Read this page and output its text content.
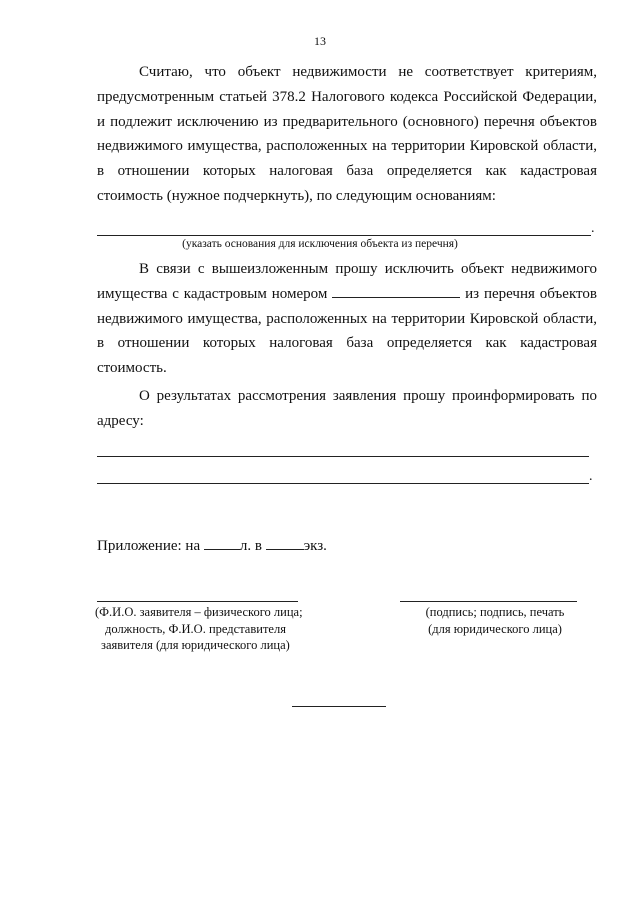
13

Считаю, что объект недвижимости не соответствует критериям, предусмотренным статьей 378.2 Налогового кодекса Российской Федерации, и подлежит исключению из предварительного (основного) перечня объектов недвижимого имущества, расположенных на территории Кировской области, в отношении которых налоговая база определяется как кадастровая стоимость (нужное подчеркнуть), по следующим основаниям:

.
(указать основания для исключения объекта из перечня)

В связи с вышеизложенным прошу исключить объект недвижимого имущества с кадастровым номером	из перечня объектов недвижимого имущества, расположенных на территории Кировской области, в отношении которых налоговая база определяется как кадастровая стоимость.

О результатах рассмотрения заявления прошу проинформировать по адресу:

.
Приложение: на	л. в	экз.
(Ф.И.О. заявителя – физического лица;
должность, Ф.И.О. представителя
заявителя (для юридического лица)
(подпись; подпись, печать
(для юридического лица)
